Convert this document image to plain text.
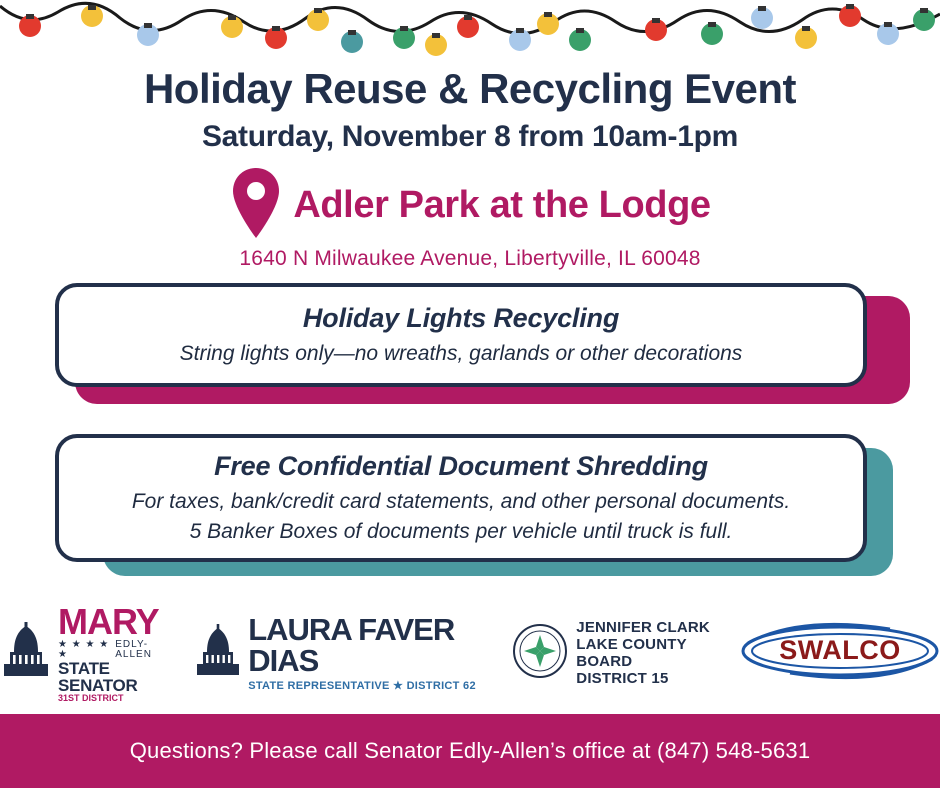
Holiday Reuse & Recycling Event
Saturday, November 8 from 10am-1pm
Adler Park at the Lodge
1640 N Milwaukee Avenue, Libertyville, IL 60048
Holiday Lights Recycling
String lights only—no wreaths, garlands or other decorations
Free Confidential Document Shredding
For taxes, bank/credit card statements, and other personal documents.
5 Banker Boxes of documents per vehicle until truck is full.
MARY
★ ★ ★ ★ ★
EDLY-ALLEN
STATE SENATOR
31ST DISTRICT
LAURA FAVER DIAS
STATE REPRESENTATIVE ★ DISTRICT 62
JENNIFER CLARK
LAKE COUNTY BOARD
DISTRICT 15
SWALCO
Questions? Please call Senator Edly-Allen’s office at (847) 548-5631
